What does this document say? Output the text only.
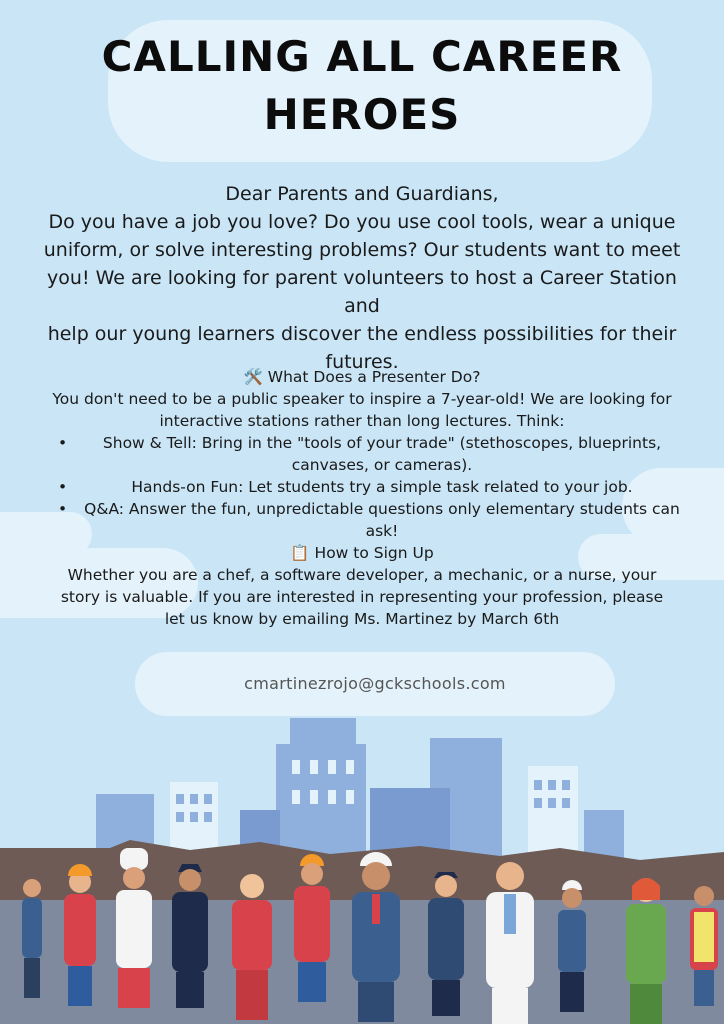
CALLING ALL CAREER HEROES
Dear Parents and Guardians,
Do you have a job you love? Do you use cool tools, wear a unique
uniform, or solve interesting problems? Our students want to meet
you! We are looking for parent volunteers to host a Career Station and
help our young learners discover the endless possibilities for their
futures.
🛠️ What Does a Presenter Do?
You don't need to be a public speaker to inspire a 7-year-old! We are looking for
interactive stations rather than long lectures. Think:
• Show & Tell: Bring in the "tools of your trade" (stethoscopes, blueprints, canvases, or cameras).
• Hands-on Fun: Let students try a simple task related to your job.
• Q&A: Answer the fun, unpredictable questions only elementary students can ask!
📋 How to Sign Up
Whether you are a chef, a software developer, a mechanic, or a nurse, your
story is valuable. If you are interested in representing your profession, please
let us know by emailing Ms. Martinez by March 6th
cmartinezrojo@gckschools.com
